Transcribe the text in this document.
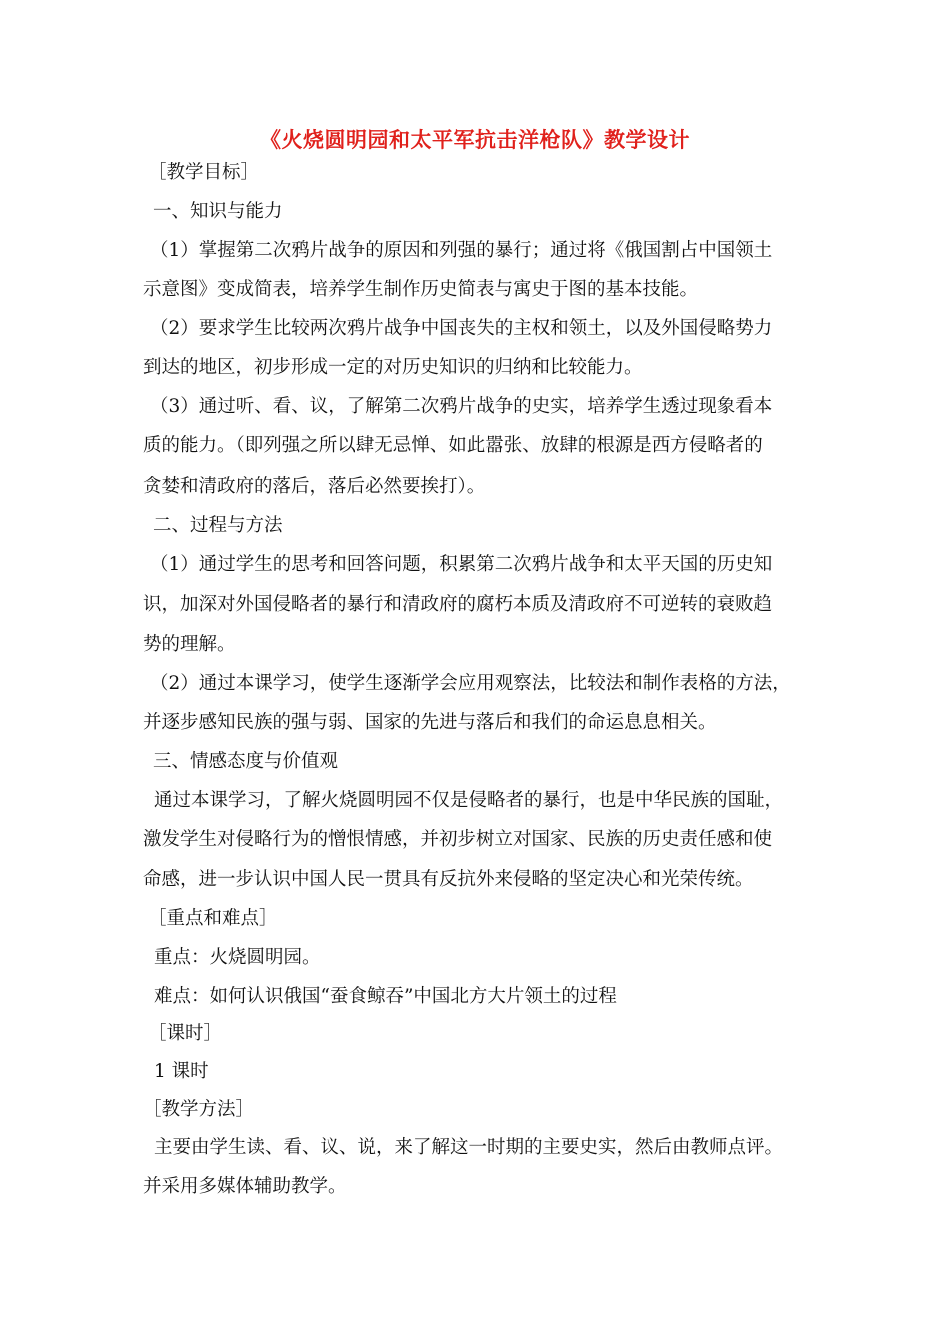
《火烧圆明园和太平军抗击洋枪队》教学设计
［教学目标］
一、知识与能力
（1）掌握第二次鸦片战争的原因和列强的暴行；通过将《俄国割占中国领土
示意图》变成简表，培养学生制作历史简表与寓史于图的基本技能。
（2）要求学生比较两次鸦片战争中国丧失的主权和领土，以及外国侵略势力
到达的地区，初步形成一定的对历史知识的归纳和比较能力。
（3）通过听、看、议，了解第二次鸦片战争的史实，培养学生透过现象看本
质的能力。（即列强之所以肆无忌惮、如此嚣张、放肆的根源是西方侵略者的
贪婪和清政府的落后，落后必然要挨打）。
二、过程与方法
（1）通过学生的思考和回答问题，积累第二次鸦片战争和太平天国的历史知
识，加深对外国侵略者的暴行和清政府的腐朽本质及清政府不可逆转的衰败趋
势的理解。
（2）通过本课学习，使学生逐渐学会应用观察法，比较法和制作表格的方法，
并逐步感知民族的强与弱、国家的先进与落后和我们的命运息息相关。
三、情感态度与价值观
通过本课学习，了解火烧圆明园不仅是侵略者的暴行，也是中华民族的国耻，
激发学生对侵略行为的憎恨情感，并初步树立对国家、民族的历史责任感和使
命感，进一步认识中国人民一贯具有反抗外来侵略的坚定决心和光荣传统。
［重点和难点］
重点：火烧圆明园。
难点：如何认识俄国“蚕食鲸吞”中国北方大片领土的过程
［课时］
1 课时
［教学方法］
主要由学生读、看、议、说，来了解这一时期的主要史实，然后由教师点评。
并采用多媒体辅助教学。
